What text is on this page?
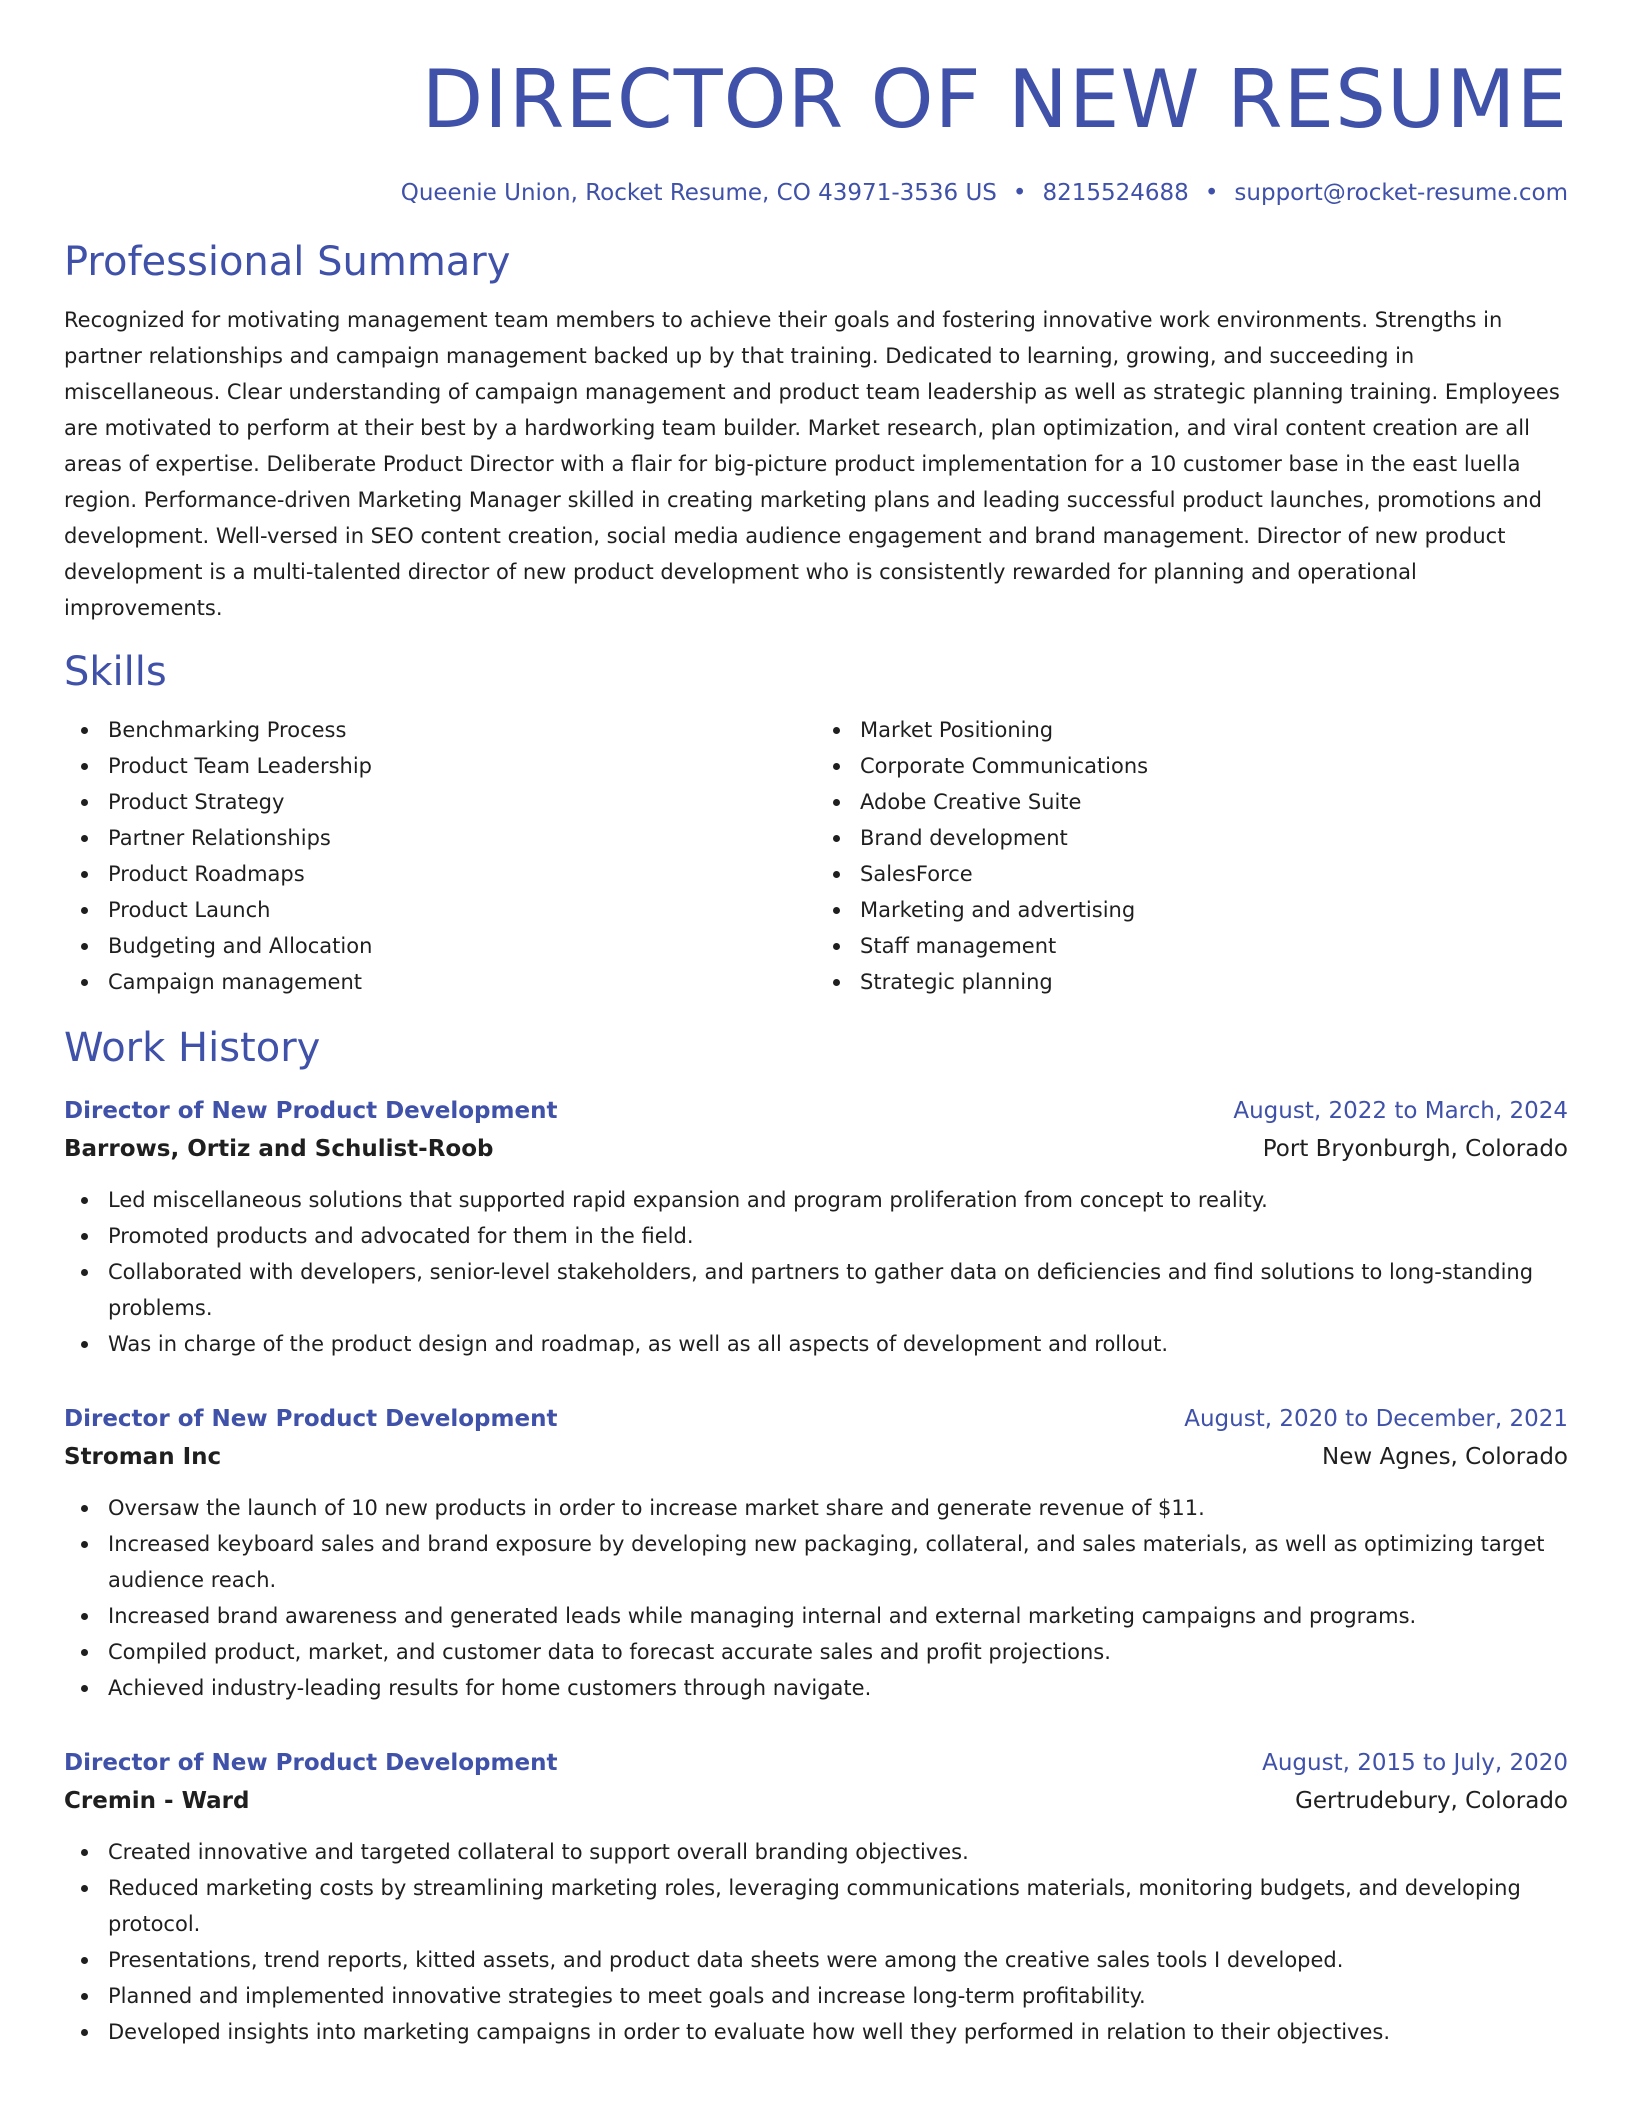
DIRECTOR OF NEW RESUME
Queenie Union, Rocket Resume, CO 43971-3536 US • 8215524688 • support@rocket-resume.com
Professional Summary

Recognized for motivating management team members to achieve their goals and fostering innovative work environments. Strengths in partner relationships and campaign management backed up by that training. Dedicated to learning, growing, and succeeding in miscellaneous. Clear understanding of campaign management and product team leadership as well as strategic planning training. Employees are motivated to perform at their best by a hardworking team builder. Market research, plan optimization, and viral content creation are all areas of expertise. Deliberate Product Director with a flair for big-picture product implementation for a 10 customer base in the east luella region. Performance-driven Marketing Manager skilled in creating marketing plans and leading successful product launches, promotions and development. Well-versed in SEO content creation, social media audience engagement and brand management. Director of new product development is a multi-talented director of new product development who is consistently rewarded for planning and operational improvements.

Skills
Benchmarking Process
Product Team Leadership
Product Strategy
Partner Relationships
Product Roadmaps
Product Launch
Budgeting and Allocation
Campaign management
Market Positioning
Corporate Communications
Adobe Creative Suite
Brand development
SalesForce
Marketing and advertising
Staff management
Strategic planning
Work History
Director of New Product Development	August, 2022 to March, 2024
Barrows, Ortiz and Schulist-Roob	Port Bryonburgh, Colorado
Led miscellaneous solutions that supported rapid expansion and program proliferation from concept to reality.
Promoted products and advocated for them in the field.
Collaborated with developers, senior-level stakeholders, and partners to gather data on deficiencies and find solutions to long-standing problems.
Was in charge of the product design and roadmap, as well as all aspects of development and rollout.
Director of New Product Development	August, 2020 to December, 2021
Stroman Inc	New Agnes, Colorado
Oversaw the launch of 10 new products in order to increase market share and generate revenue of $11.
Increased keyboard sales and brand exposure by developing new packaging, collateral, and sales materials, as well as optimizing target audience reach.
Increased brand awareness and generated leads while managing internal and external marketing campaigns and programs.
Compiled product, market, and customer data to forecast accurate sales and profit projections.
Achieved industry-leading results for home customers through navigate.
Director of New Product Development	August, 2015 to July, 2020
Cremin - Ward	Gertrudebury, Colorado
Created innovative and targeted collateral to support overall branding objectives.
Reduced marketing costs by streamlining marketing roles, leveraging communications materials, monitoring budgets, and developing protocol.
Presentations, trend reports, kitted assets, and product data sheets were among the creative sales tools I developed.
Planned and implemented innovative strategies to meet goals and increase long-term profitability.
Developed insights into marketing campaigns in order to evaluate how well they performed in relation to their objectives.
